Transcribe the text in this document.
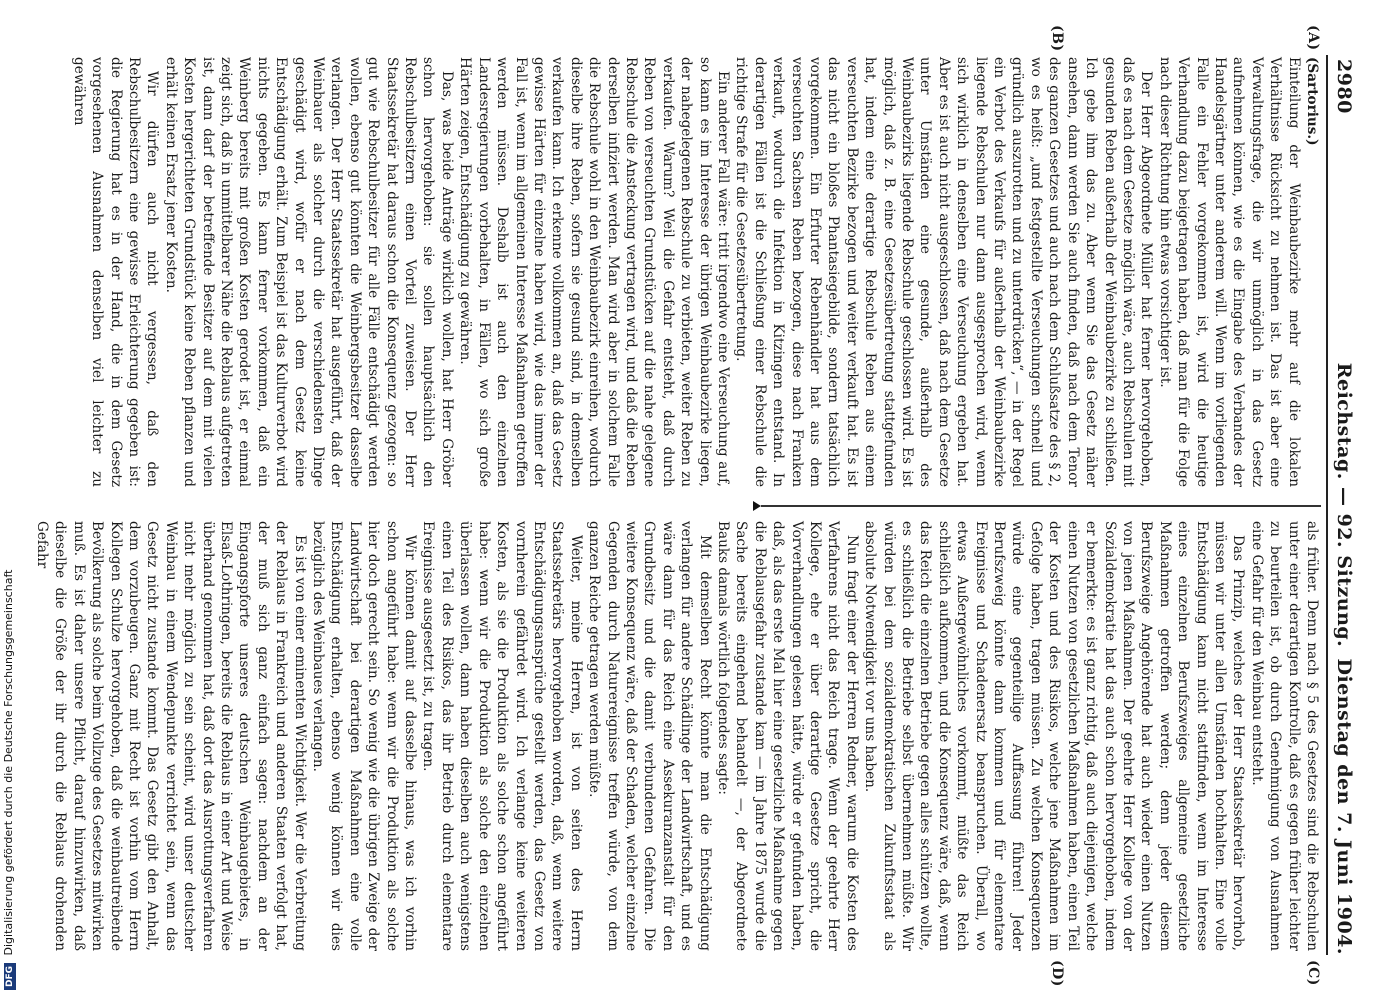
2980
Reichstag. — 92. Sitzung.
Dienstag den 7. Juni 1904.
(A)
(B)
(C)
(D)

(Sartorius.)

Einteilung der Weinbaubezirke mehr auf die lokalen Verhältnisse Rücksicht zu nehmen ist. Das ist aber eine Verwaltungsfrage, die wir unmöglich in das Gesetz aufnehmen können, wie es die Eingabe des Verbandes der Handelsgärtner unter anderem will. Wenn im vorliegenden Falle ein Fehler vorgekommen ist, wird die heutige Verhandlung dazu beigetragen haben, daß man für die Folge nach dieser Richtung hin etwas vorsichtiger ist.

Der Herr Abgeordnete Müller hat ferner hervorgehoben, daß es nach dem Gesetze möglich wäre, auch Rebschulen mit gesunden Reben außerhalb der Weinbaubezirke zu schließen. Ich gebe ihm das zu. Aber wenn Sie das Gesetz näher ansehen, dann werden Sie auch finden, daß nach dem Tenor des ganzen Gesetzes und auch nach dem Schlußsatze des § 2, wo es heißt: „und festgestellte Verseuchungen schnell und gründlich auszurotten und zu unterdrücken“, — in der Regel ein Verbot des Verkaufs für außerhalb der Weinbaubezirke liegende Rebschulen nur dann ausgesprochen wird, wenn sich wirklich in denselben eine Verseuchung ergeben hat. Aber es ist auch nicht ausgeschlossen, daß nach dem Gesetze unter Umständen eine gesunde, außerhalb des Weinbaubezirks liegende Rebschule geschlossen wird. Es ist möglich, daß z. B. eine Gesetzesübertretung stattgefunden hat, indem eine derartige Rebschule Reben aus einem verseuchten Bezirke bezogen und weiter verkauft hat. Es ist das nicht ein bloßes Phantasiegebilde, sondern tatsächlich vorgekommen. Ein Erfurter Rebenhändler hat aus dem verseuchten Sachsen Reben bezogen, diese nach Franken verkauft, wodurch die Infektion in Kitzingen entstand. In derartigen Fällen ist die Schließung einer Rebschule die richtige Strafe für die Gesetzesübertretung.

Ein anderer Fall wäre: tritt irgendwo eine Verseuchung auf, so kann es im Interesse der übrigen Weinbaubezirke liegen, der nahegelegenen Rebschule zu verbieten, weiter Reben zu verkaufen. Warum? Weil die Gefahr entsteht, daß durch Reben von verseuchten Grundstücken auf die nahe gelegene Rebschule die Ansteckung vertragen wird, und daß die Reben derselben infiziert werden. Man wird aber in solchem Falle die Rebschule wohl in den Weinbaubezirk einreihen, wodurch dieselbe ihre Reben, sofern sie gesund sind, in demselben verkaufen kann. Ich erkenne vollkommen an, daß das Gesetz gewisse Härten für einzelne haben wird, wie das immer der Fall ist, wenn im allgemeinen Interesse Maßnahmen getroffen werden müssen. Deshalb ist auch den einzelnen Landesregierungen vorbehalten, in Fällen, wo sich große Härten zeigen, Entschädigung zu gewähren.

Das, was beide Anträge wirklich wollen, hat Herr Gröber schon hervorgehoben: sie sollen hauptsächlich den Rebschulbesitzern einen Vorteil zuweisen. Der Herr Staatssekretär hat daraus schon die Konsequenz gezogen: so gut wie Rebschulbesitzer für alle Fälle entschädigt werden wollen, ebenso gut könnten die Weinbergsbesitzer dasselbe verlangen. Der Herr Staatssekretär hat ausgeführt, daß der Weinbauer als solcher durch die verschiedensten Dinge geschädigt wird, wofür er nach dem Gesetz keine Entschädigung erhält. Zum Beispiel ist das Kulturverbot wird nichts gegeben. Es kann ferner vorkommen, daß ein Weinberg bereits mit großen Kosten gerodet ist, er einmal zeigt sich, daß in unmittelbarer Nähe die Reblaus aufgetreten ist, dann darf der betreffende Besitzer auf dem mit vielen Kosten hergerichteten Grundstück keine Reben pflanzen und erhält keinen Ersatz jener Kosten.

Wir dürfen auch nicht vergessen, daß den Rebschulbesitzern eine gewisse Erleichterung gegeben ist: die Regierung hat es in der Hand, die in dem Gesetz vorgesehenen Ausnahmen denselben viel leichter zu gewähren

als früher. Denn nach § 5 des Gesetzes sind die Rebschulen unter einer derartigen Kontrolle, daß es gegen früher leichter zu beurteilen ist, ob durch Genehmigung von Ausnahmen eine Gefahr für den Weinbau entsteht.

Das Prinzip, welches der Herr Staatssekretär hervorhob, müssen wir unter allen Umständen hochhalten. Eine volle Entschädigung kann nicht stattfinden, wenn im Interesse eines einzelnen Berufszweiges allgemeine gesetzliche Maßnahmen getroffen werden; denn jeder diesem Berufszweige Angehörende hat auch wieder einen Nutzen von jenen Maßnahmen. Der geehrte Herr Kollege von der Sozialdemokratie hat das auch schon hervorgehoben, indem er bemerkte: es ist ganz richtig, daß auch diejenigen, welche einen Nutzen von gesetzlichen Maßnahmen haben, einen Teil der Kosten und des Risikos, welche jene Maßnahmen im Gefolge haben, tragen müssen. Zu welchen Konsequenzen würde eine gegenteilige Auffassung führen! Jeder Berufszweig könnte dann kommen und für elementare Ereignisse und Schadenersatz beanspruchen. Überall, wo etwas Außergewöhnliches vorkommt, müßte das Reich schließlich aufkommen, und die Konsequenz wäre, daß, wenn das Reich die einzelnen Betriebe gegen alles schützen wollte, es schließlich die Betriebe selbst übernehmen müßte. Wir würden bei dem sozialdemokratischen Zukunftsstaat als absolute Notwendigkeit vor uns haben.

Nun fragt einer der Herren Redner, warum die Kosten des Verfahrens nicht das Reich trage. Wenn der geehrte Herr Kollege, ehe er über derartige Gesetze spricht, die Vorverhandlungen gelesen hätte, würde er gefunden haben, daß, als das erste Mal hier eine gesetzliche Maßnahme gegen die Reblausgefahr zustande kam — im Jahre 1875 wurde die Sache bereits eingehend behandelt —, der Abgeordnete Bauks damals wörtlich folgendes sagte:

Mit demselben Recht könnte man die Entschädigung verlangen für andere Schädlinge der Landwirtschaft, und es wäre dann für das Reich eine Assekuranzanstalt für den Grundbesitz und die damit verbundenen Gefahren. Die weitere Konsequenz wäre, daß der Schaden, welcher einzelne Gegenden durch Naturereignisse treffen würde, von dem ganzen Reiche getragen werden müßte.

Weiter, meine Herren, ist von seiten des Herrn Staatssekretärs hervorgehoben worden, daß, wenn weitere Entschädigungsansprüche gestellt werden, das Gesetz von vornherein gefährdet wird. Ich verlange keine weiteren Kosten, als sie die Produktion als solche schon angeführt habe: wenn wir die Produktion als solche den einzelnen überlassen wollen, dann haben dieselben auch wenigstens einen Teil des Risikos, das ihr Betrieb durch elementare Ereignisse ausgesetzt ist, zu tragen.

Wir können damit auf dasselbe hinaus, was ich vorhin schon angeführt habe: wenn wir die Produktion als solche hier doch gerecht sein. So wenig wie die übrigen Zweige der Landwirtschaft bei derartigen Maßnahmen eine volle Entschädigung erhalten, ebenso wenig können wir dies bezüglich des Weinbaues verlangen.

Es ist von einer eminenten Wichtigkeit. Wer die Verbreitung der Reblaus in Frankreich und anderen Staaten verfolgt hat, der muß sich ganz einfach sagen: nachdem an der Eingangspforte unseres deutschen Weinbaugebietes, in Elsaß-Lothringen, bereits die Reblaus in einer Art und Weise überhand genommen hat, daß dort das Ausrottungsverfahren nicht mehr möglich zu sein scheint, wird unser deutscher Weinbau in einem Wendepunkte verrichtet sein, wenn das Gesetz nicht zustande kommt. Das Gesetz gibt den Anhalt, dem vorzubeugen. Ganz mit Recht ist vorhin vom Herrn Kollegen Schulze hervorgehoben, daß die weinbautreibende Bevölkerung als solche beim Vollzuge des Gesetzes mitwirken muß. Es ist daher unsere Pflicht, darauf hinzuwirken, daß dieselbe die Größe der ihr durch die Reblaus drohenden Gefahr

DFG Digitalisierung gefördert durch die Deutsche Forschungsgemeinschaft
